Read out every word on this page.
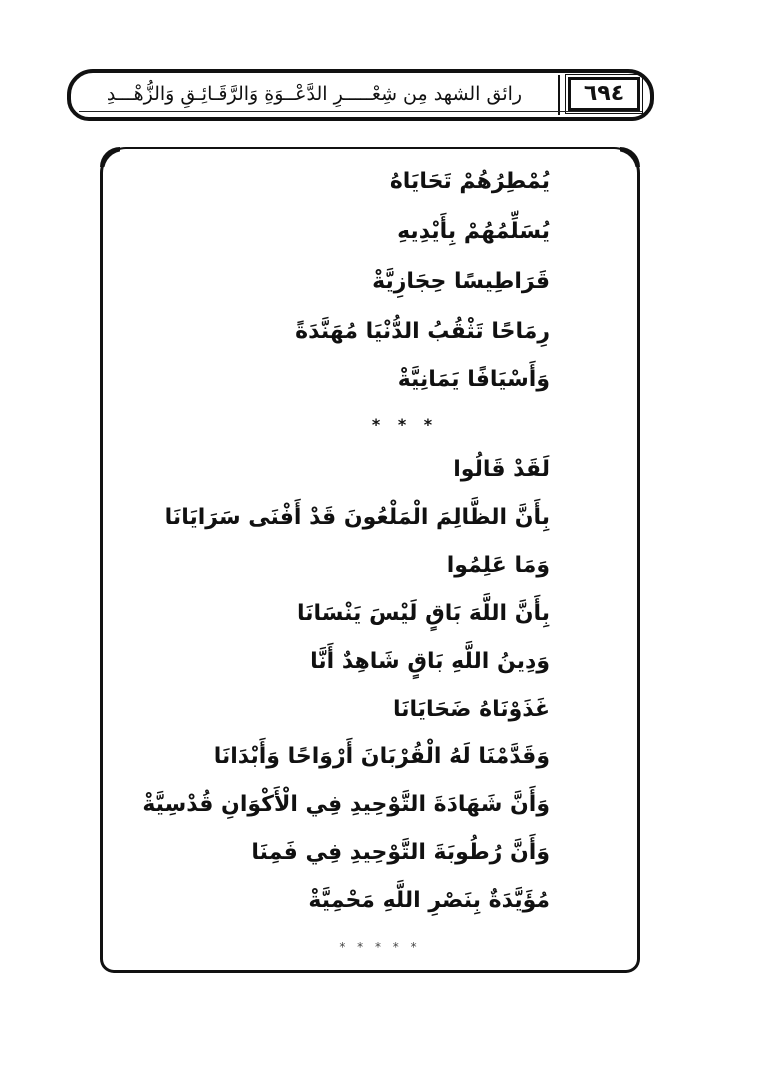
رائق الشهد مِن شِعْـــــرِ الدَّعْــوَةِ وَالرَّقَـائِـقِ وَالزُّهْـــدِ	٦٩٤
يُمْطِرُهُمْ تَحَايَاهُ
يُسَلِّمُهُمْ بِأَيْدِيهِ
قَرَاطِيسًا حِجَازِيَّةْ
رِمَاحًا تَثْقُبُ الدُّنْيَا مُهَنَّدَةً
وَأَسْيَافًا يَمَانِيَّةْ
* * *
لَقَدْ قَالُوا
بِأَنَّ الظَّالِمَ الْمَلْعُونَ قَدْ أَفْنَى سَرَايَانَا
وَمَا عَلِمُوا
بِأَنَّ اللَّهَ بَاقٍ لَيْسَ يَنْسَانَا
وَدِينُ اللَّهِ بَاقٍ شَاهِدٌ أَنَّا
غَذَوْنَاهُ ضَحَايَانَا
وَقَدَّمْنَا لَهُ الْقُرْبَانَ أَرْوَاحًا وَأَبْدَانَا
وَأَنَّ شَهَادَةَ التَّوْحِيدِ فِي الْأَكْوَانِ قُدْسِيَّةْ
وَأَنَّ رُطُوبَةَ التَّوْحِيدِ فِي فَمِنَا
مُؤَيَّدَةٌ بِنَصْرِ اللَّهِ مَحْمِيَّةْ
* * * * *
